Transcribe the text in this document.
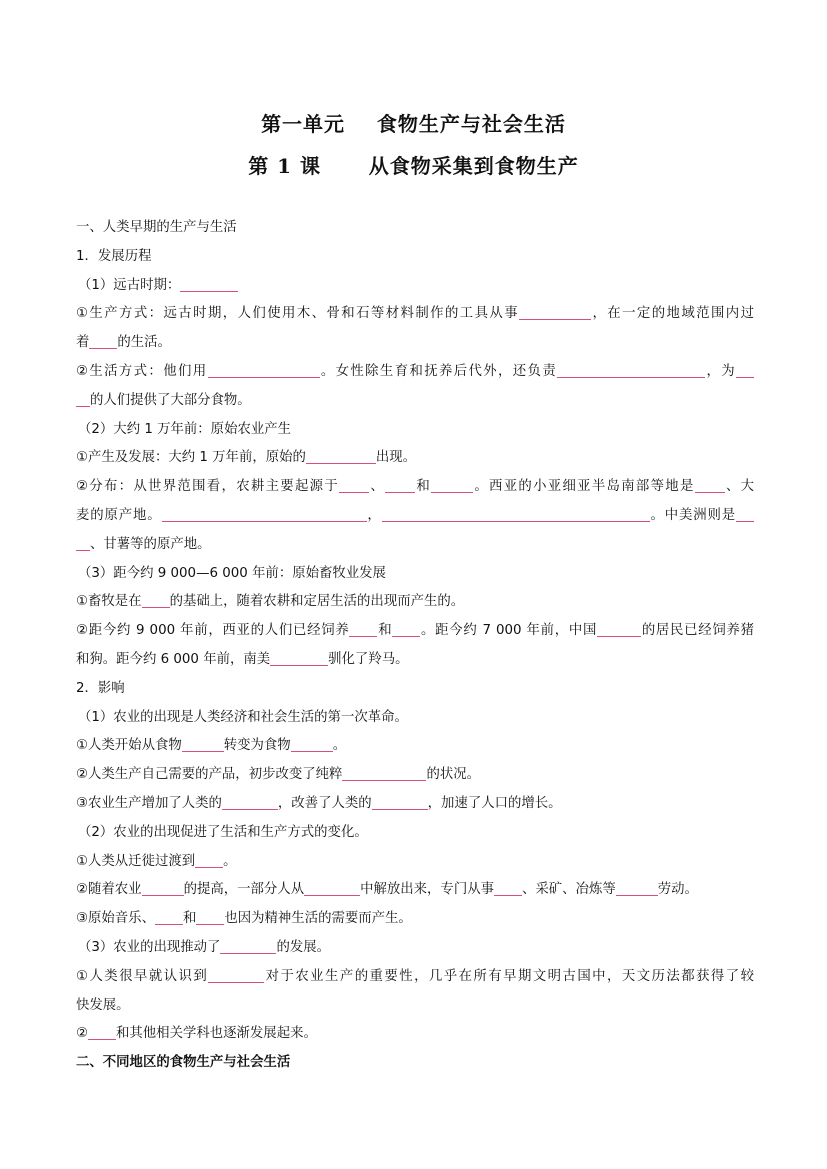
第一单元    食物生产与社会生活
第 1 课      从食物采集到食物生产
一、人类早期的生产与生活
1．发展历程
（1）远古时期：
①生产方式：远古时期，人们使用木、骨和石等材料制作的工具从事	，在一定的地域范围内过
着 的生活。
②生活方式：他们用	。女性除生育和抚养后代外，还负责	，为
的人们提供了大部分食物。
（2）大约 1 万年前：原始农业产生
①产生及发展：大约 1 万年前，原始的	出现。
②分布：从世界范围看，农耕主要起源于 、 和	。西亚的小亚细亚半岛南部等地是 、大
麦的原产地。	，	。中美洲则是
、甘薯等的原产地。
（3）距今约 9 000—6 000 年前：原始畜牧业发展
①畜牧是在 的基础上，随着农耕和定居生活的出现而产生的。
②距今约 9 000 年前，西亚的人们已经饲养 和 。距今约 7 000 年前，中国	的居民已经饲养猪
和狗。距今约 6 000 年前，南美	驯化了羚马。
2．影响
（1）农业的出现是人类经济和社会生活的第一次革命。
①人类开始从食物	转变为食物	。
②人类生产自己需要的产品，初步改变了纯粹	的状况。
③农业生产增加了人类的	，改善了人类的	，加速了人口的增长。
（2）农业的出现促进了生活和生产方式的变化。
①人类从迁徙过渡到 。
②随着农业	的提高，一部分人从	中解放出来，专门从事 、采矿、冶炼等	劳动。
③原始音乐、 和 也因为精神生活的需要而产生。
（3）农业的出现推动了	的发展。
①人类很早就认识到	对于农业生产的重要性，几乎在所有早期文明古国中，天文历法都获得了较
快发展。
② 和其他相关学科也逐渐发展起来。
二、不同地区的食物生产与社会生活
